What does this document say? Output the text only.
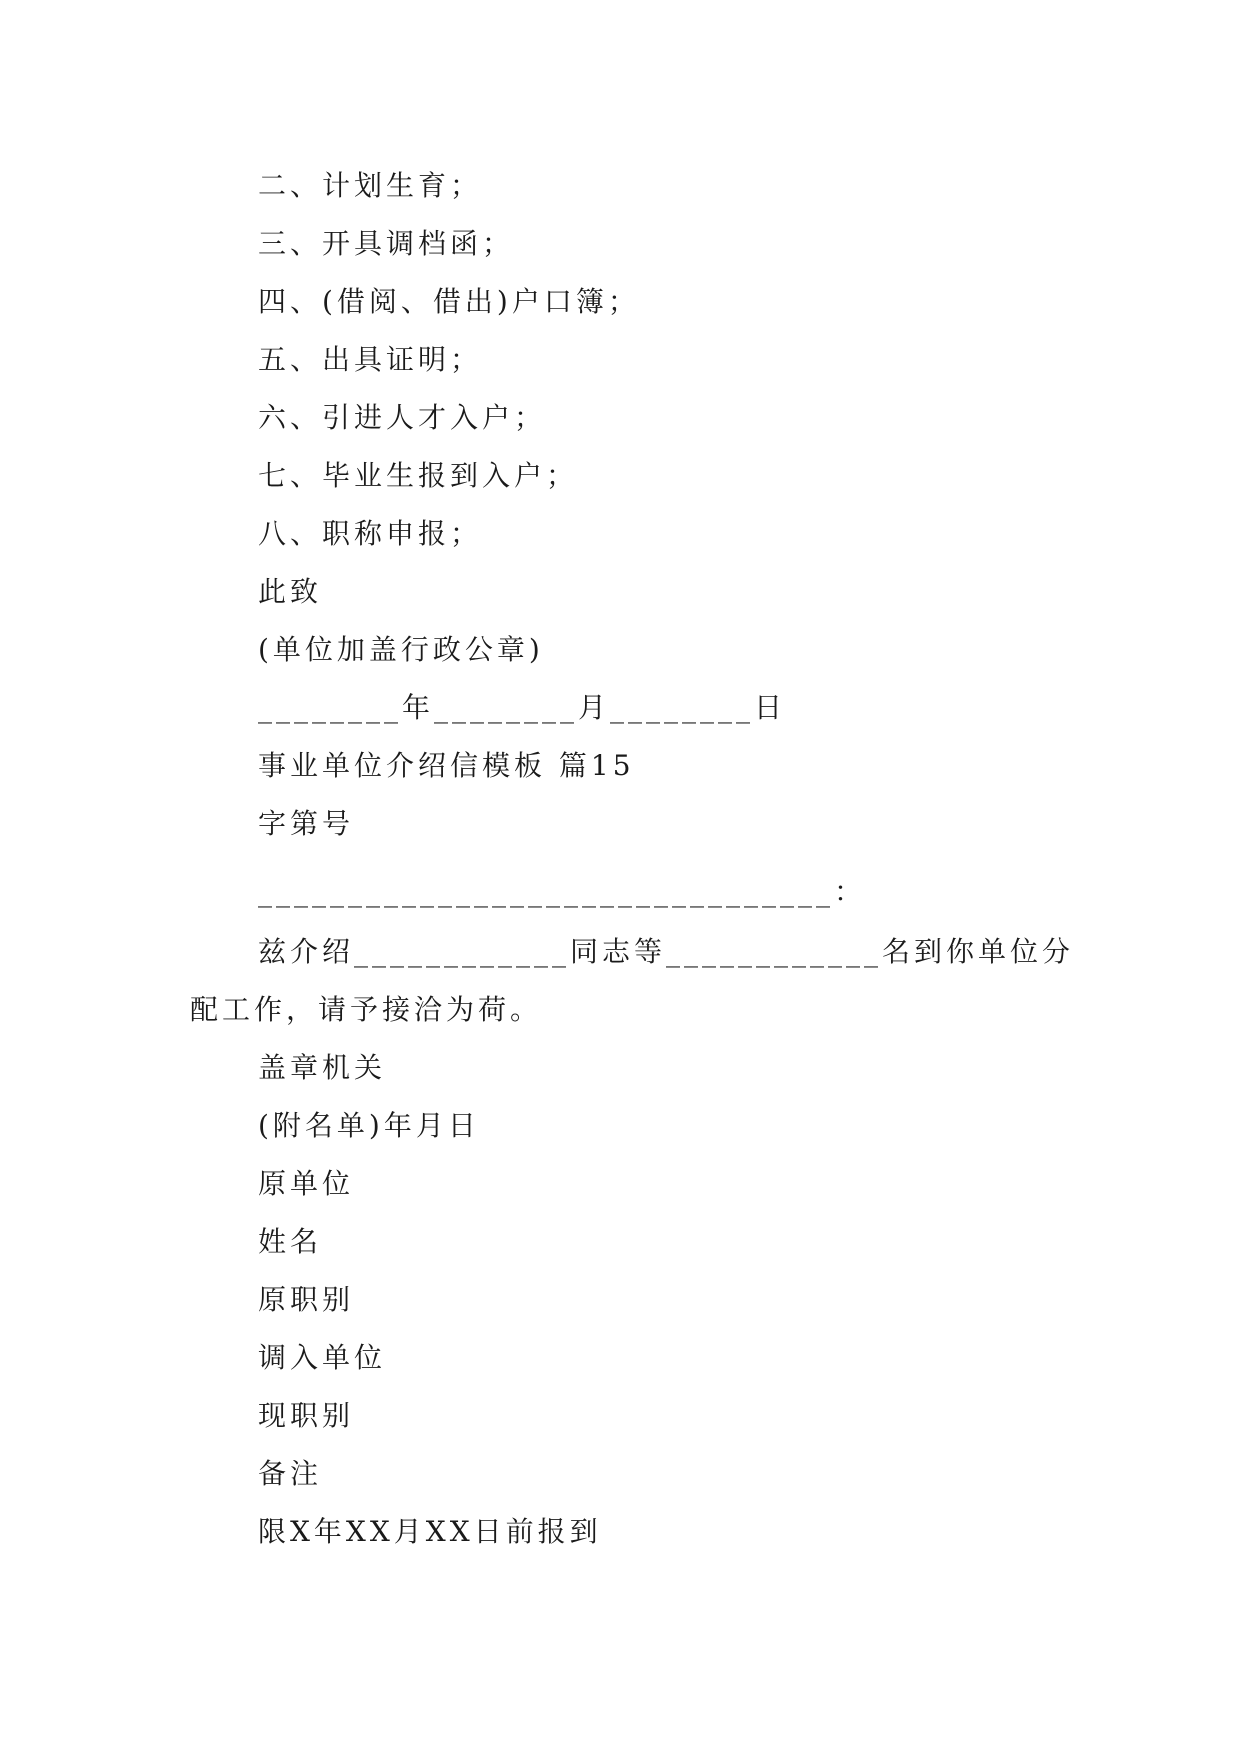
二、计划生育；
三、开具调档函；
四、(借阅、借出)户口簿；
五、出具证明；
六、引进人才入户；
七、毕业生报到入户；
八、职称申报；
此致
(单位加盖行政公章)
________年________月________日
事业单位介绍信模板 篇15
字第号
________________________________：
兹介绍____________同志等____________名到你单位分
配工作，请予接洽为荷。
盖章机关
(附名单)年月日
原单位
姓名
原职别
调入单位
现职别
备注
限X年XX月XX日前报到
